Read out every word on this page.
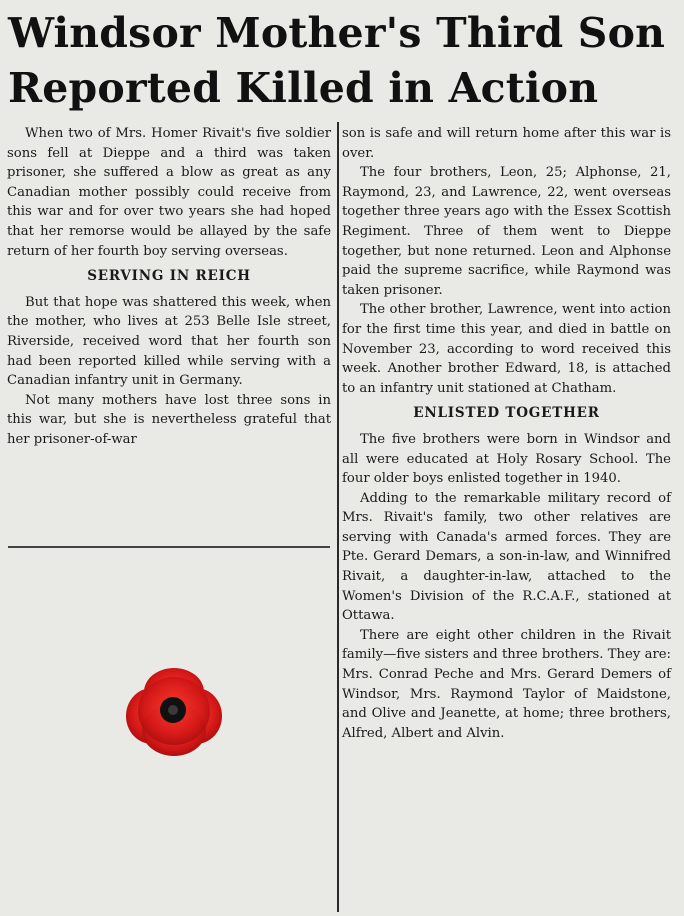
Windsor Mother's Third Son Reported Killed in Action

When two of Mrs. Homer Rivait's five soldier sons fell at Dieppe and a third was taken prisoner, she suffered a blow as great as any Canadian mother possibly could receive from this war and for over two years she had hoped that her remorse would be allayed by the safe return of her fourth boy serving overseas.

SERVING IN REICH

But that hope was shattered this week, when the mother, who lives at 253 Belle Isle street, Riverside, received word that her fourth son had been reported killed while serving with a Canadian infantry unit in Germany.

Not many mothers have lost three sons in this war, but she is nevertheless grateful that her prisoner-of-war

son is safe and will return home after this war is over.

The four brothers, Leon, 25; Alphonse, 21, Raymond, 23, and Lawrence, 22, went overseas together three years ago with the Essex Scottish Regiment. Three of them went to Dieppe together, but none returned. Leon and Alphonse paid the supreme sacrifice, while Raymond was taken prisoner.

The other brother, Lawrence, went into action for the first time this year, and died in battle on November 23, according to word received this week. Another brother Edward, 18, is attached to an infantry unit stationed at Chatham.

ENLISTED TOGETHER

The five brothers were born in Windsor and all were educated at Holy Rosary School. The four older boys enlisted together in 1940.

Adding to the remarkable military record of Mrs. Rivait's family, two other relatives are serving with Canada's armed forces. They are Pte. Gerard Demars, a son-in-law, and Winnifred Rivait, a daughter-in-law, attached to the Women's Division of the R.C.A.F., stationed at Ottawa.

There are eight other children in the Rivait family—five sisters and three brothers. They are: Mrs. Conrad Peche and Mrs. Gerard Demers of Windsor, Mrs. Raymond Taylor of Maidstone, and Olive and Jeanette, at home; three brothers, Alfred, Albert and Alvin.
